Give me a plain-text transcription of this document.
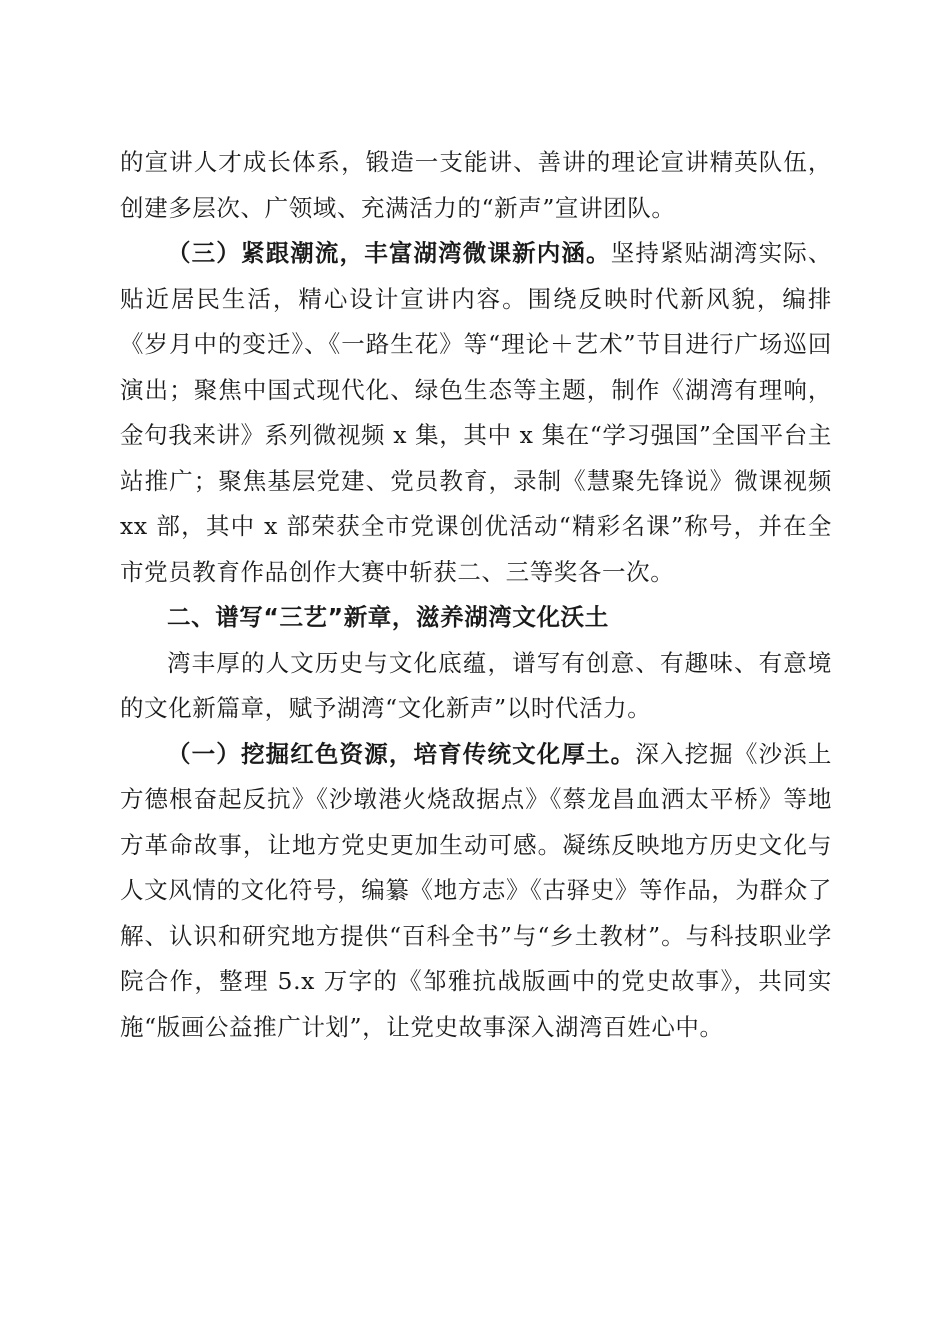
的宣讲人才成长体系，锻造一支能讲、善讲的理论宣讲精英队伍，创建多层次、广领域、充满活力的“新声”宣讲团队。

（三）紧跟潮流，丰富湖湾微课新内涵。坚持紧贴湖湾实际、贴近居民生活，精心设计宣讲内容。围绕反映时代新风貌，编排《岁月中的变迁》、《一路生花》等“理论＋艺术”节目进行广场巡回演出；聚焦中国式现代化、绿色生态等主题，制作《湖湾有理响，金句我来讲》系列微视频 x 集，其中 x 集在“学习强国”全国平台主站推广；聚焦基层党建、党员教育，录制《慧聚先锋说》微课视频 xx 部，其中 x 部荣获全市党课创优活动“精彩名课”称号，并在全市党员教育作品创作大赛中斩获二、三等奖各一次。

二、谱写“三艺”新章，滋养湖湾文化沃土

湾丰厚的人文历史与文化底蕴，谱写有创意、有趣味、有意境的文化新篇章，赋予湖湾“文化新声”以时代活力。

（一）挖掘红色资源，培育传统文化厚土。深入挖掘《沙浜上方德根奋起反抗》《沙墩港火烧敌据点》《蔡龙昌血洒太平桥》等地方革命故事，让地方党史更加生动可感。凝练反映地方历史文化与人文风情的文化符号，编纂《地方志》《古驿史》等作品，为群众了解、认识和研究地方提供“百科全书”与“乡土教材”。与科技职业学院合作，整理 5.x 万字的《邹雅抗战版画中的党史故事》，共同实施“版画公益推广计划”，让党史故事深入湖湾百姓心中。
